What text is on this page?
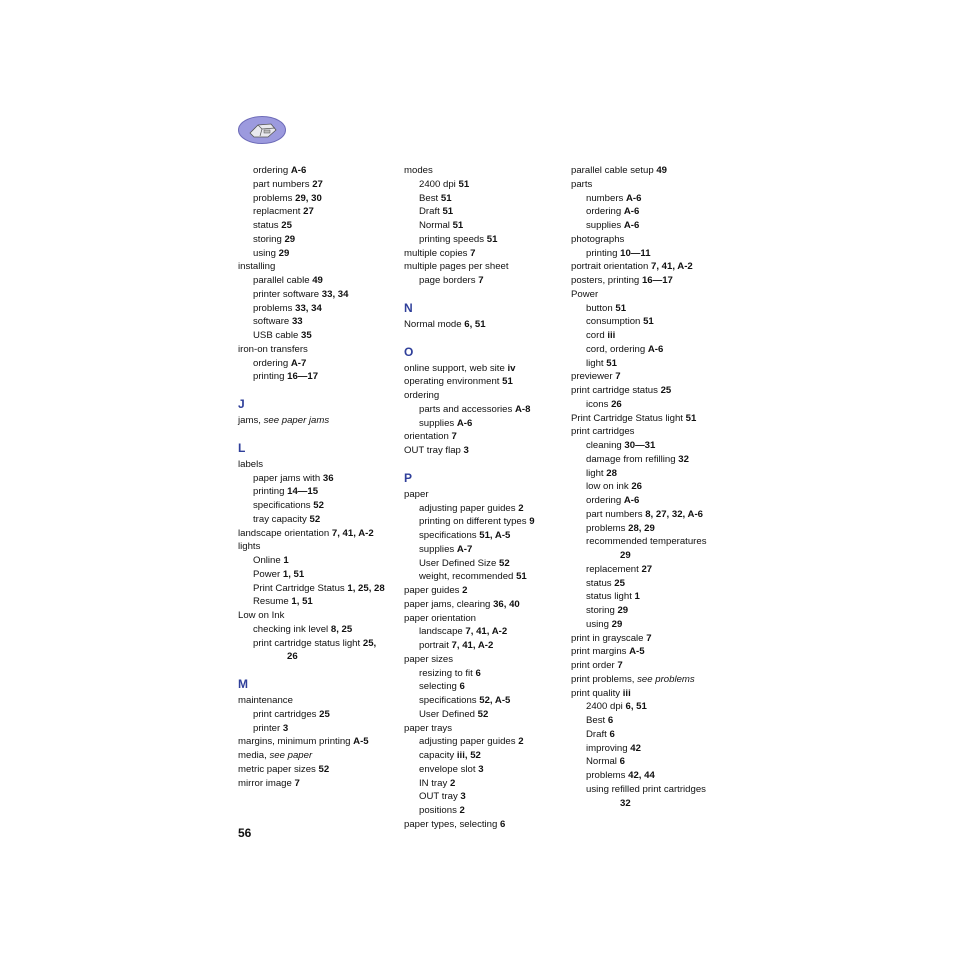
ordering A-6
part numbers 27
problems 29, 30
replacment 27
status 25
storing 29
using 29
installing
parallel cable 49
printer software 33, 34
problems 33, 34
software 33
USB cable 35
iron-on transfers
ordering A-7
printing 16—17
J
jams, see paper jams
L
labels
paper jams with 36
printing 14—15
specifications 52
tray capacity 52
landscape orientation 7, 41, A-2
lights
Online 1
Power 1, 51
Print Cartridge Status 1, 25, 28
Resume 1, 51
Low on Ink
checking ink level 8, 25
print cartridge status light 25,
26
M
maintenance
print cartridges 25
printer 3
margins, minimum printing A-5
media, see paper
metric paper sizes 52
mirror image 7
modes
2400 dpi 51
Best 51
Draft 51
Normal 51
printing speeds 51
multiple copies 7
multiple pages per sheet
page borders 7
N
Normal mode 6, 51
O
online support, web site iv
operating environment 51
ordering
parts and accessories A-8
supplies A-6
orientation 7
OUT tray flap 3
P
paper
adjusting paper guides 2
printing on different types 9
specifications 51, A-5
supplies A-7
User Defined Size 52
weight, recommended 51
paper guides 2
paper jams, clearing 36, 40
paper orientation
landscape 7, 41, A-2
portrait 7, 41, A-2
paper sizes
resizing to fit 6
selecting 6
specifications 52, A-5
User Defined 52
paper trays
adjusting paper guides 2
capacity iii, 52
envelope slot 3
IN tray 2
OUT tray 3
positions 2
paper types, selecting 6
parallel cable setup 49
parts
numbers A-6
ordering A-6
supplies A-6
photographs
printing 10—11
portrait orientation 7, 41, A-2
posters, printing 16—17
Power
button 51
consumption 51
cord iii
cord, ordering A-6
light 51
previewer 7
print cartridge status 25
icons 26
Print Cartridge Status light 51
print cartridges
cleaning 30—31
damage from refilling 32
light 28
low on ink 26
ordering A-6
part numbers 8, 27, 32, A-6
problems 28, 29
recommended temperatures
29
replacement 27
status 25
status light 1
storing 29
using 29
print in grayscale 7
print margins A-5
print order 7
print problems, see problems
print quality iii
2400 dpi 6, 51
Best 6
Draft 6
improving 42
Normal 6
problems 42, 44
using refilled print cartridges
32
56
